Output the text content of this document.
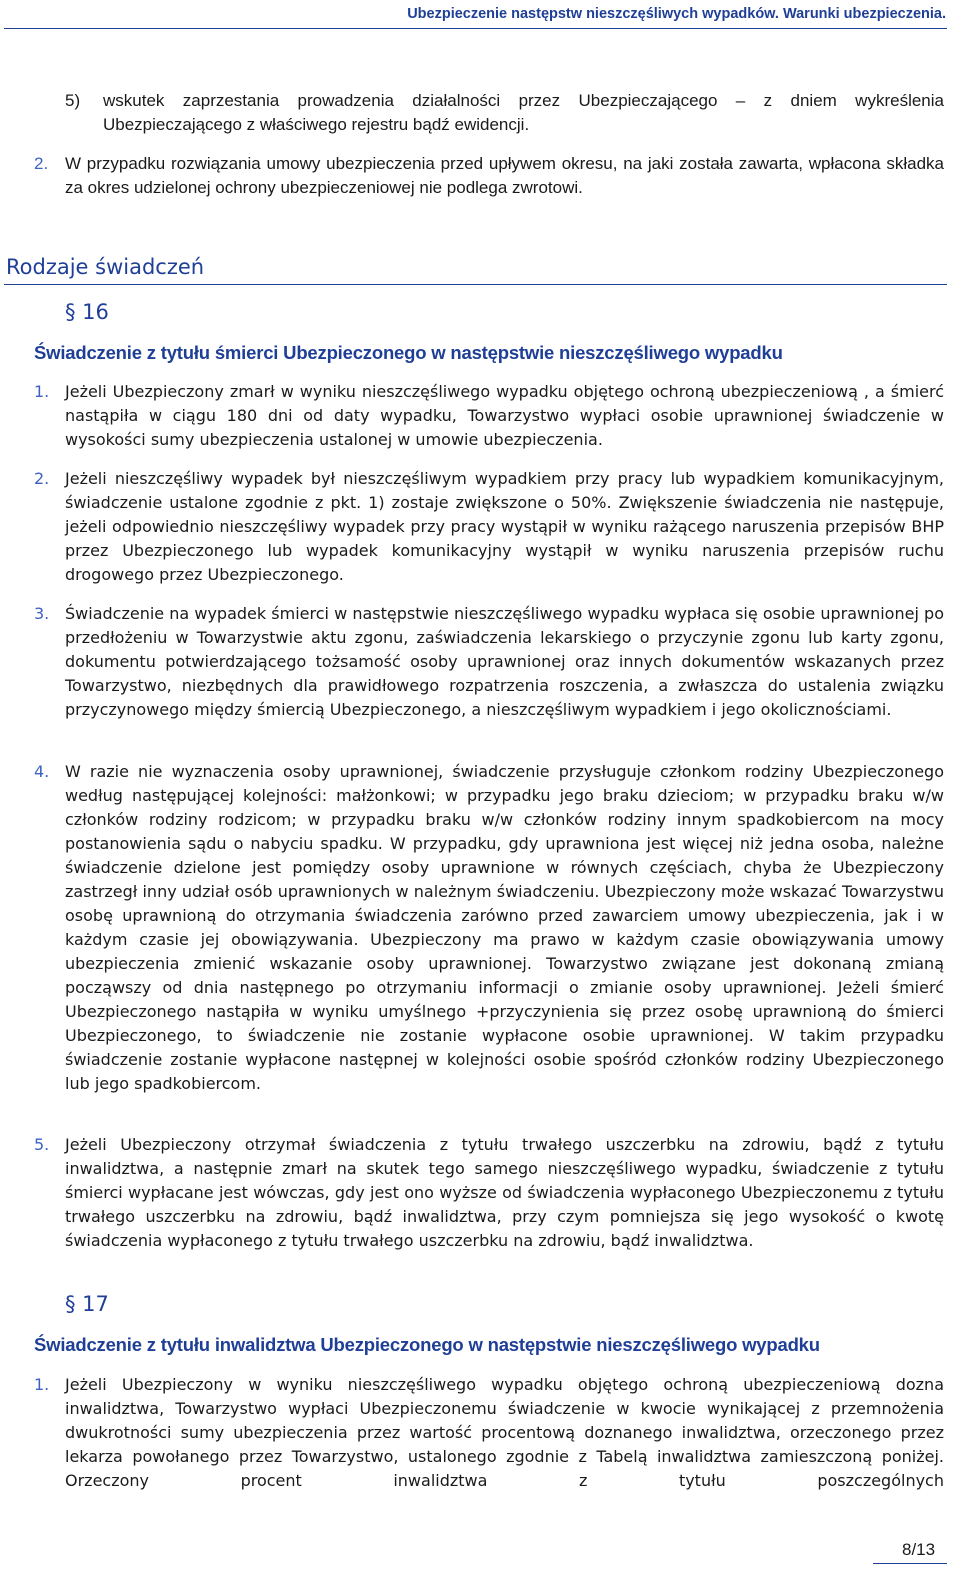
Ubezpieczenie następstw nieszczęśliwych wypadków. Warunki ubezpieczenia.
5) wskutek zaprzestania prowadzenia działalności przez Ubezpieczającego – z dniem wykreślenia Ubezpieczającego z właściwego rejestru bądź ewidencji.
2. W przypadku rozwiązania umowy ubezpieczenia przed upływem okresu, na jaki została zawarta, wpłacona składka za okres udzielonej ochrony ubezpieczeniowej nie podlega zwrotowi.
Rodzaje świadczeń
§ 16
Świadczenie z tytułu śmierci Ubezpieczonego w następstwie nieszczęśliwego wypadku
1. Jeżeli Ubezpieczony zmarł w wyniku nieszczęśliwego wypadku objętego ochroną ubezpieczeniową , a śmierć nastąpiła w ciągu 180 dni od daty wypadku, Towarzystwo wypłaci osobie uprawnionej świadczenie w wysokości sumy ubezpieczenia ustalonej w umowie ubezpieczenia.
2. Jeżeli nieszczęśliwy wypadek był nieszczęśliwym wypadkiem przy pracy lub wypadkiem komunikacyjnym, świadczenie ustalone zgodnie z pkt. 1) zostaje zwiększone o 50%. Zwiększenie świadczenia nie następuje, jeżeli odpowiednio nieszczęśliwy wypadek przy pracy wystąpił w wyniku rażącego naruszenia przepisów BHP przez Ubezpieczonego lub wypadek komunikacyjny wystąpił w wyniku naruszenia przepisów ruchu drogowego przez Ubezpieczonego.
3. Świadczenie na wypadek śmierci w następstwie nieszczęśliwego wypadku wypłaca się osobie uprawnionej po przedłożeniu w Towarzystwie aktu zgonu, zaświadczenia lekarskiego o przyczynie zgonu lub karty zgonu, dokumentu potwierdzającego tożsamość osoby uprawnionej oraz innych dokumentów wskazanych przez Towarzystwo, niezbędnych dla prawidłowego rozpatrzenia roszczenia, a zwłaszcza do ustalenia związku przyczynowego między śmiercią Ubezpieczonego, a nieszczęśliwym wypadkiem i jego okolicznościami.
4. W razie nie wyznaczenia osoby uprawnionej, świadczenie przysługuje członkom rodziny Ubezpieczonego według następującej kolejności: małżonkowi; w przypadku jego braku dzieciom; w przypadku braku w/w członków rodziny rodzicom; w przypadku braku w/w członków rodziny innym spadkobiercom na mocy postanowienia sądu o nabyciu spadku. W przypadku, gdy uprawniona jest więcej niż jedna osoba, należne świadczenie dzielone jest pomiędzy osoby uprawnione w równych częściach, chyba że Ubezpieczony zastrzegł inny udział osób uprawnionych w należnym świadczeniu. Ubezpieczony może wskazać Towarzystwu osobę uprawnioną do otrzymania świadczenia zarówno przed zawarciem umowy ubezpieczenia, jak i w każdym czasie jej obowiązywania. Ubezpieczony ma prawo w każdym czasie obowiązywania umowy ubezpieczenia zmienić wskazanie osoby uprawnionej. Towarzystwo związane jest dokonaną zmianą począwszy od dnia następnego po otrzymaniu informacji o zmianie osoby uprawnionej. Jeżeli śmierć Ubezpieczonego nastąpiła w wyniku umyślnego +przyczynienia się przez osobę uprawnioną do śmierci Ubezpieczonego, to świadczenie nie zostanie wypłacone osobie uprawnionej. W takim przypadku świadczenie zostanie wypłacone następnej w kolejności osobie spośród członków rodziny Ubezpieczonego lub jego spadkobiercom.
5. Jeżeli Ubezpieczony otrzymał świadczenia z tytułu trwałego uszczerbku na zdrowiu, bądź z tytułu inwalidztwa, a następnie zmarł na skutek tego samego nieszczęśliwego wypadku, świadczenie z tytułu śmierci wypłacane jest wówczas, gdy jest ono wyższe od świadczenia wypłaconego Ubezpieczonemu z tytułu trwałego uszczerbku na zdrowiu, bądź inwalidztwa, przy czym pomniejsza się jego wysokość o kwotę świadczenia wypłaconego z tytułu trwałego uszczerbku na zdrowiu, bądź inwalidztwa.
§ 17
Świadczenie z tytułu inwalidztwa Ubezpieczonego w następstwie nieszczęśliwego wypadku
1. Jeżeli Ubezpieczony w wyniku nieszczęśliwego wypadku objętego ochroną ubezpieczeniową dozna inwalidztwa, Towarzystwo wypłaci Ubezpieczonemu świadczenie w kwocie wynikającej z przemnożenia dwukrotności sumy ubezpieczenia przez wartość procentową doznanego inwalidztwa, orzeczonego przez lekarza powołanego przez Towarzystwo, ustalonego zgodnie z Tabelą inwalidztwa zamieszczoną poniżej. Orzeczony procent inwalidztwa z tytułu poszczególnych
8/13
